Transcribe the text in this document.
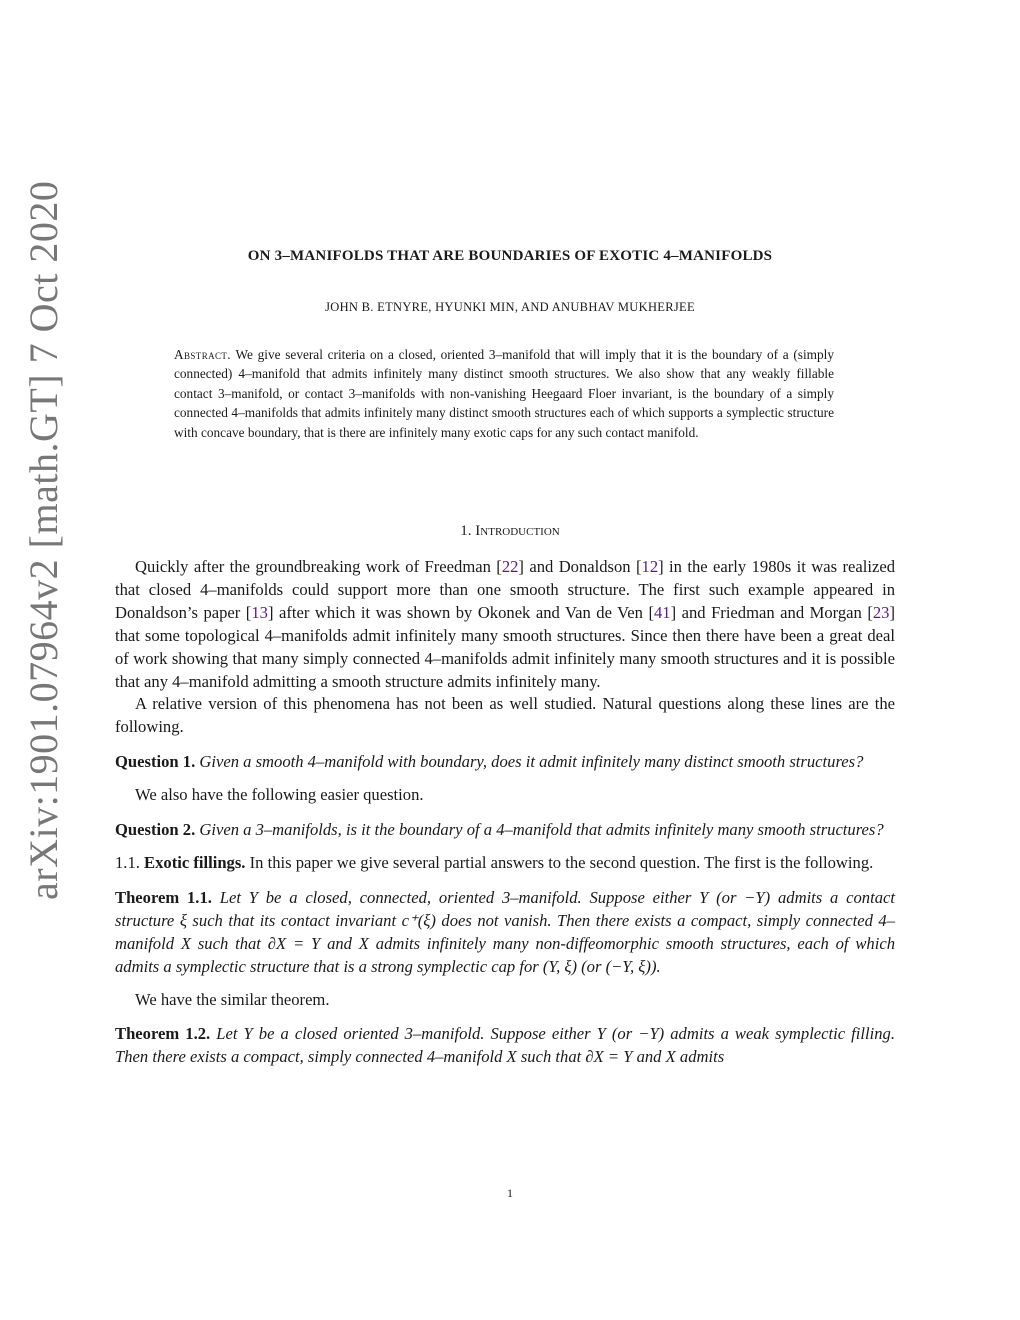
arXiv:1901.07964v2 [math.GT] 7 Oct 2020	ON 3–MANIFOLDS THAT ARE BOUNDARIES OF EXOTIC 4–MANIFOLDS
JOHN B. ETNYRE, HYUNKI MIN, AND ANUBHAV MUKHERJEE
Abstract. We give several criteria on a closed, oriented 3–manifold that will imply that it is the boundary of a (simply connected) 4–manifold that admits infinitely many distinct smooth structures. We also show that any weakly fillable contact 3–manifold, or contact 3–manifolds with non-vanishing Heegaard Floer invariant, is the boundary of a simply connected 4–manifolds that admits infinitely many distinct smooth structures each of which supports a symplectic structure with concave boundary, that is there are infinitely many exotic caps for any such contact manifold.
1. Introduction

Quickly after the groundbreaking work of Freedman [22] and Donaldson [12] in the early 1980s it was realized that closed 4–manifolds could support more than one smooth structure. The first such example appeared in Donaldson’s paper [13] after which it was shown by Okonek and Van de Ven [41] and Friedman and Morgan [23] that some topological 4–manifolds admit infinitely many smooth structures. Since then there have been a great deal of work showing that many simply connected 4–manifolds admit infinitely many smooth structures and it is possible that any 4–manifold admitting a smooth structure admits infinitely many.

A relative version of this phenomena has not been as well studied. Natural questions along these lines are the following.

Question 1. Given a smooth 4–manifold with boundary, does it admit infinitely many distinct smooth structures?

We also have the following easier question.

Question 2. Given a 3–manifolds, is it the boundary of a 4–manifold that admits infinitely many smooth structures?

1.1. Exotic fillings. In this paper we give several partial answers to the second question. The first is the following.

Theorem 1.1. Let Y be a closed, connected, oriented 3–manifold. Suppose either Y (or −Y) admits a contact structure ξ such that its contact invariant c⁺(ξ) does not vanish. Then there exists a compact, simply connected 4–manifold X such that ∂X = Y and X admits infinitely many non-diffeomorphic smooth structures, each of which admits a symplectic structure that is a strong symplectic cap for (Y, ξ) (or (−Y, ξ)).

We have the similar theorem.

Theorem 1.2. Let Y be a closed oriented 3–manifold. Suppose either Y (or −Y) admits a weak symplectic filling. Then there exists a compact, simply connected 4–manifold X such that ∂X = Y and X admits

1
